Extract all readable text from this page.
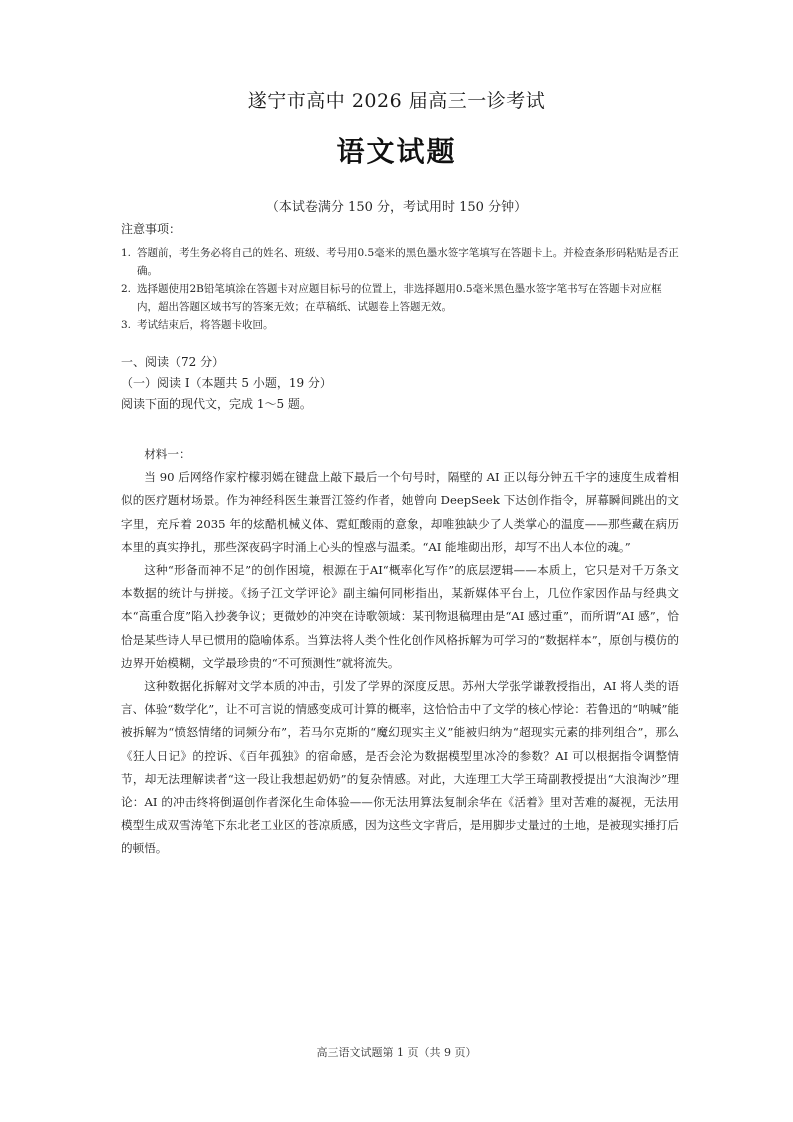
遂宁市高中 2026 届高三一诊考试
语文试题
（本试卷满分 150 分，考试用时 150 分钟）
注意事项：
1. 答题前，考生务必将自己的姓名、班级、考号用0.5毫米的黑色墨水签字笔填写在答题卡上。并检查条形码粘贴是否正确。
2. 选择题使用2B铅笔填涂在答题卡对应题目标号的位置上，非选择题用0.5毫米黑色墨水签字笔书写在答题卡对应框内，超出答题区域书写的答案无效；在草稿纸、试题卷上答题无效。
3. 考试结束后，将答题卡收回。
一、阅读（72 分）
（一）阅读 I（本题共 5 小题，19 分）
阅读下面的现代文，完成 1～5 题。

材料一：

当 90 后网络作家柠檬羽嫣在键盘上敲下最后一个句号时，隔壁的 AI 正以每分钟五千字的速度生成着相似的医疗题材场景。作为神经科医生兼晋江签约作者，她曾向 DeepSeek 下达创作指令，屏幕瞬间跳出的文字里，充斥着 2035 年的炫酷机械义体、霓虹酸雨的意象，却唯独缺少了人类掌心的温度——那些藏在病历本里的真实挣扎，那些深夜码字时涌上心头的惶惑与温柔。“AI 能堆砌出形，却写不出人本位的魂。”

这种“形备而神不足”的创作困境，根源在于AI“概率化写作”的底层逻辑——本质上，它只是对千万条文本数据的统计与拼接。《扬子江文学评论》副主编何同彬指出，某新媒体平台上，几位作家因作品与经典文本“高重合度”陷入抄袭争议；更微妙的冲突在诗歌领域：某刊物退稿理由是“AI 感过重”，而所谓“AI 感”，恰恰是某些诗人早已惯用的隐喻体系。当算法将人类个性化创作风格拆解为可学习的“数据样本”，原创与模仿的边界开始模糊，文学最珍贵的“不可预测性”就将流失。

这种数据化拆解对文学本质的冲击，引发了学界的深度反思。苏州大学张学谦教授指出，AI 将人类的语言、体验“数学化”，让不可言说的情感变成可计算的概率，这恰恰击中了文学的核心悖论：若鲁迅的“呐喊”能被拆解为“愤怒情绪的词频分布”，若马尔克斯的“魔幻现实主义”能被归纳为“超现实元素的排列组合”，那么《狂人日记》的控诉、《百年孤独》的宿命感，是否会沦为数据模型里冰冷的参数？AI 可以根据指令调整情节，却无法理解读者“这一段让我想起奶奶”的复杂情感。对此，大连理工大学王琦副教授提出“大浪淘沙”理论：AI 的冲击终将倒逼创作者深化生命体验——你无法用算法复制余华在《活着》里对苦难的凝视，无法用模型生成双雪涛笔下东北老工业区的苍凉质感，因为这些文字背后，是用脚步丈量过的土地，是被现实捶打后的顿悟。

高三语文试题第 1 页（共 9 页）
